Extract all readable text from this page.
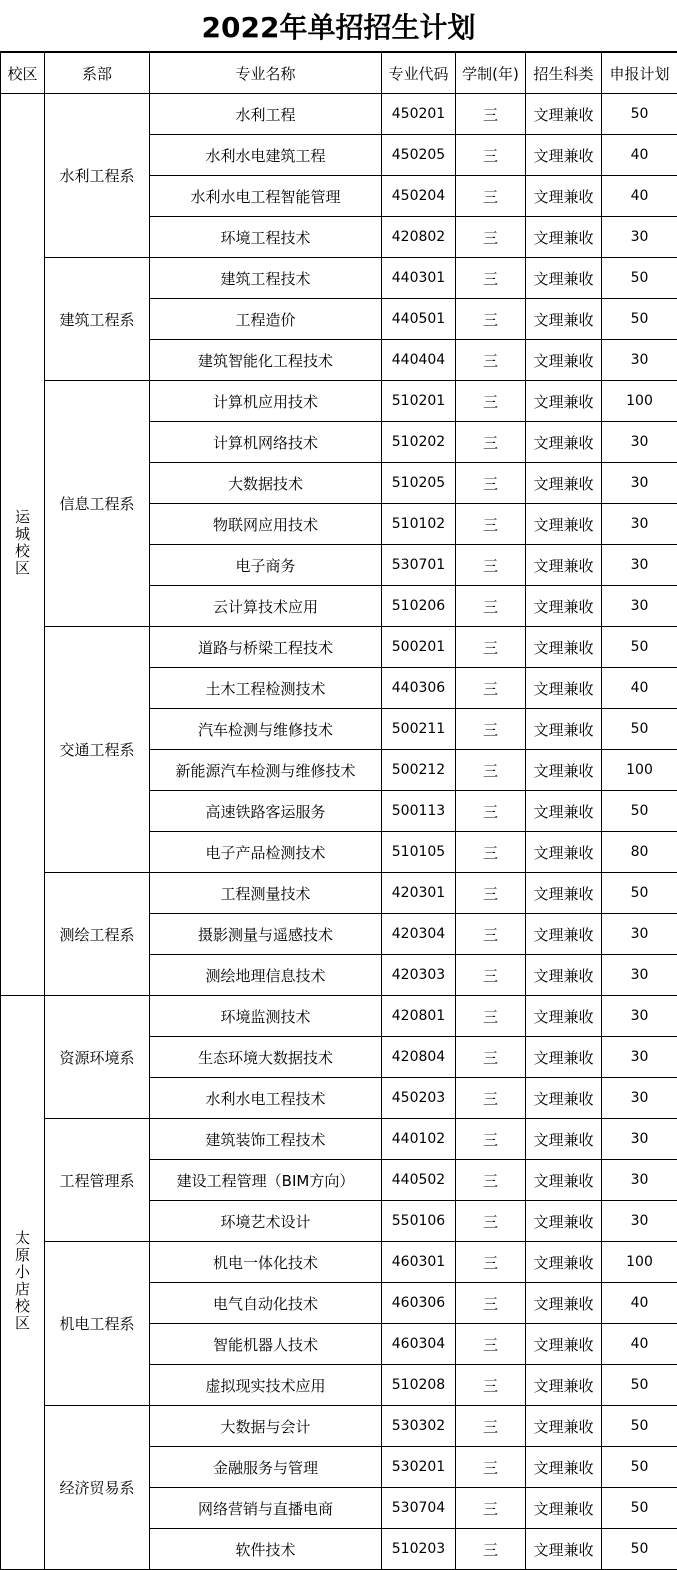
2022年单招招生计划
校区	系部	专业名称	专业代码	学制(年)	招生科类	申报计划
运城校区	水利工程系	水利工程	450201	三	文理兼收	50
		水利水电建筑工程	450205	三	文理兼收	40
		水利水电工程智能管理	450204	三	文理兼收	40
		环境工程技术	420802	三	文理兼收	30
	建筑工程系	建筑工程技术	440301	三	文理兼收	50
		工程造价	440501	三	文理兼收	50
		建筑智能化工程技术	440404	三	文理兼收	30
	信息工程系	计算机应用技术	510201	三	文理兼收	100
		计算机网络技术	510202	三	文理兼收	30
		大数据技术	510205	三	文理兼收	30
		物联网应用技术	510102	三	文理兼收	30
		电子商务	530701	三	文理兼收	30
		云计算技术应用	510206	三	文理兼收	30
	交通工程系	道路与桥梁工程技术	500201	三	文理兼收	50
		土木工程检测技术	440306	三	文理兼收	40
		汽车检测与维修技术	500211	三	文理兼收	50
		新能源汽车检测与维修技术	500212	三	文理兼收	100
		高速铁路客运服务	500113	三	文理兼收	50
		电子产品检测技术	510105	三	文理兼收	80
	测绘工程系	工程测量技术	420301	三	文理兼收	50
		摄影测量与遥感技术	420304	三	文理兼收	30
		测绘地理信息技术	420303	三	文理兼收	30
太原小店校区	资源环境系	环境监测技术	420801	三	文理兼收	30
		生态环境大数据技术	420804	三	文理兼收	30
		水利水电工程技术	450203	三	文理兼收	30
	工程管理系	建筑装饰工程技术	440102	三	文理兼收	30
		建设工程管理（BIM方向）	440502	三	文理兼收	30
		环境艺术设计	550106	三	文理兼收	30
	机电工程系	机电一体化技术	460301	三	文理兼收	100
		电气自动化技术	460306	三	文理兼收	40
		智能机器人技术	460304	三	文理兼收	40
		虚拟现实技术应用	510208	三	文理兼收	50
	经济贸易系	大数据与会计	530302	三	文理兼收	50
		金融服务与管理	530201	三	文理兼收	50
		网络营销与直播电商	530704	三	文理兼收	50
		软件技术	510203	三	文理兼收	50
